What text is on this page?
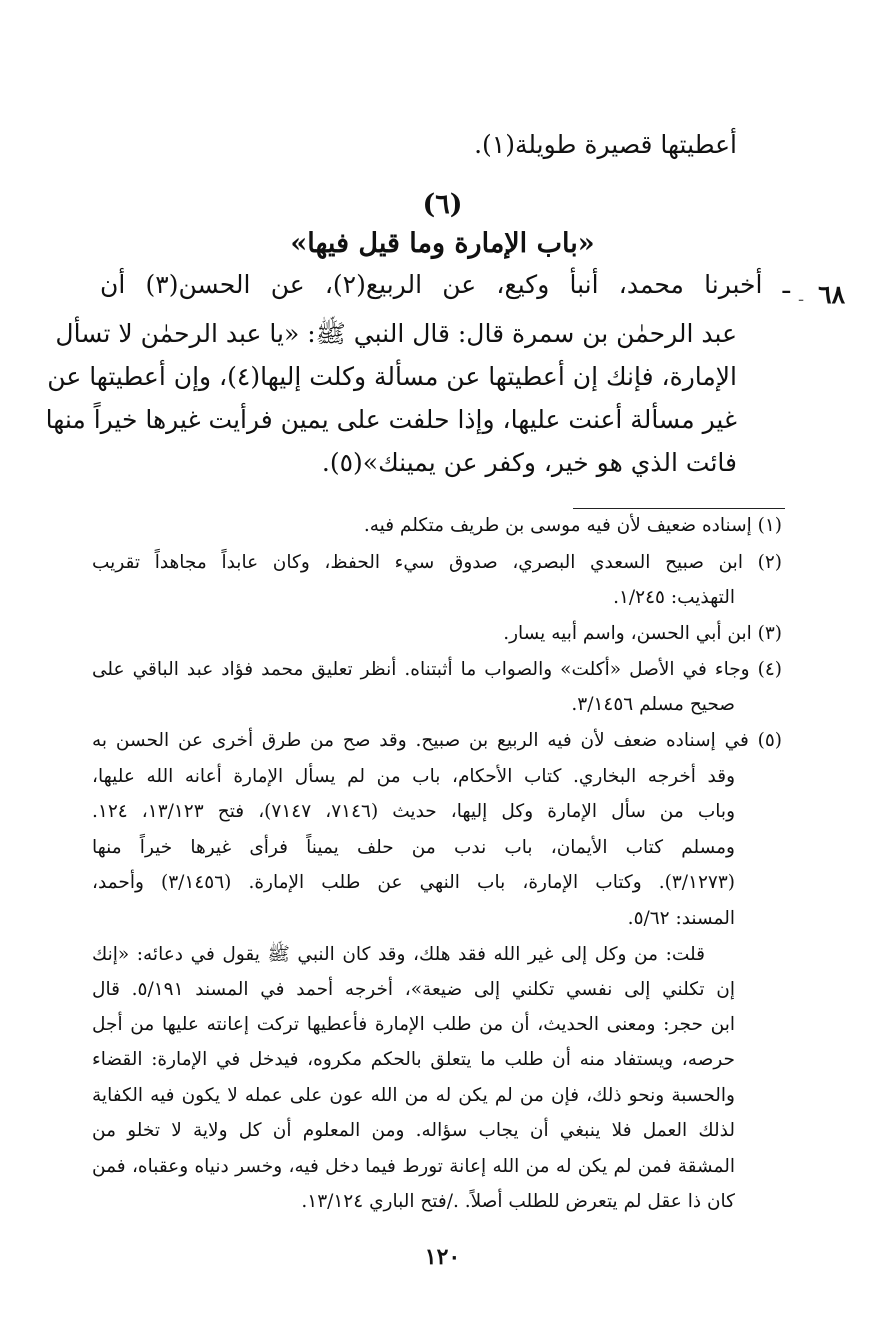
أعطيتها قصيرة طويلة(١).
(٦)
«باب الإمارة وما قيل فيها»
٦٨
-
ـ أخبرنا محمد، أنبأ وكيع، عن الربيع(٢)، عن الحسن(٣) أن
عبد الرحمٰن بن سمرة قال: قال النبي ﷺ: «يا عبد الرحمٰن لا تسأل
الإمارة، فإنك إن أعطيتها عن مسألة وكلت إليها(٤)، وإن أعطيتها عن
غير مسألة أعنت عليها، وإذا حلفت على يمين فرأيت غيرها خيراً منها
فائت الذي هو خير، وكفر عن يمينك»(٥).
(١) إسناده ضعيف لأن فيه موسى بن طريف متكلم فيه.
(٢) ابن صبيح السعدي البصري، صدوق سيء الحفظ، وكان عابداً مجاهداً تقريب
التهذيب: ١/٢٤٥.
(٣) ابن أبي الحسن، واسم أبيه يسار.
(٤) وجاء في الأصل «أكلت» والصواب ما أثبتناه. أنظر تعليق محمد فؤاد عبد الباقي على
صحيح مسلم ٣/١٤٥٦.
(٥) في إسناده ضعف لأن فيه الربيع بن صبيح. وقد صح من طرق أخرى عن الحسن به
وقد أخرجه البخاري. كتاب الأحكام، باب من لم يسأل الإمارة أعانه الله عليها،
وباب من سأل الإمارة وكل إليها، حديث (٧١٤٦، ٧١٤٧)، فتح ١٣/١٢٣، ١٢٤.
ومسلم كتاب الأيمان، باب ندب من حلف يميناً فرأى غيرها خيراً منها
(٣/١٢٧٣). وكتاب الإمارة، باب النهي عن طلب الإمارة. (٣/١٤٥٦) وأحمد،
المسند: ٥/٦٢.
قلت: من وكل إلى غير الله فقد هلك، وقد كان النبي ﷺ يقول في دعائه: «إنك
إن تكلني إلى نفسي تكلني إلى ضيعة»، أخرجه أحمد في المسند ٥/١٩١. قال
ابن حجر: ومعنى الحديث، أن من طلب الإمارة فأعطيها تركت إعانته عليها من أجل
حرصه، ويستفاد منه أن طلب ما يتعلق بالحكم مكروه، فيدخل في الإمارة: القضاء
والحسبة ونحو ذلك، فإن من لم يكن له من الله عون على عمله لا يكون فيه الكفاية
لذلك العمل فلا ينبغي أن يجاب سؤاله. ومن المعلوم أن كل ولاية لا تخلو من
المشقة فمن لم يكن له من الله إعانة تورط فيما دخل فيه، وخسر دنياه وعقباه، فمن
كان ذا عقل لم يتعرض للطلب أصلاً. ./فتح الباري ١٣/١٢٤.
١٢٠
